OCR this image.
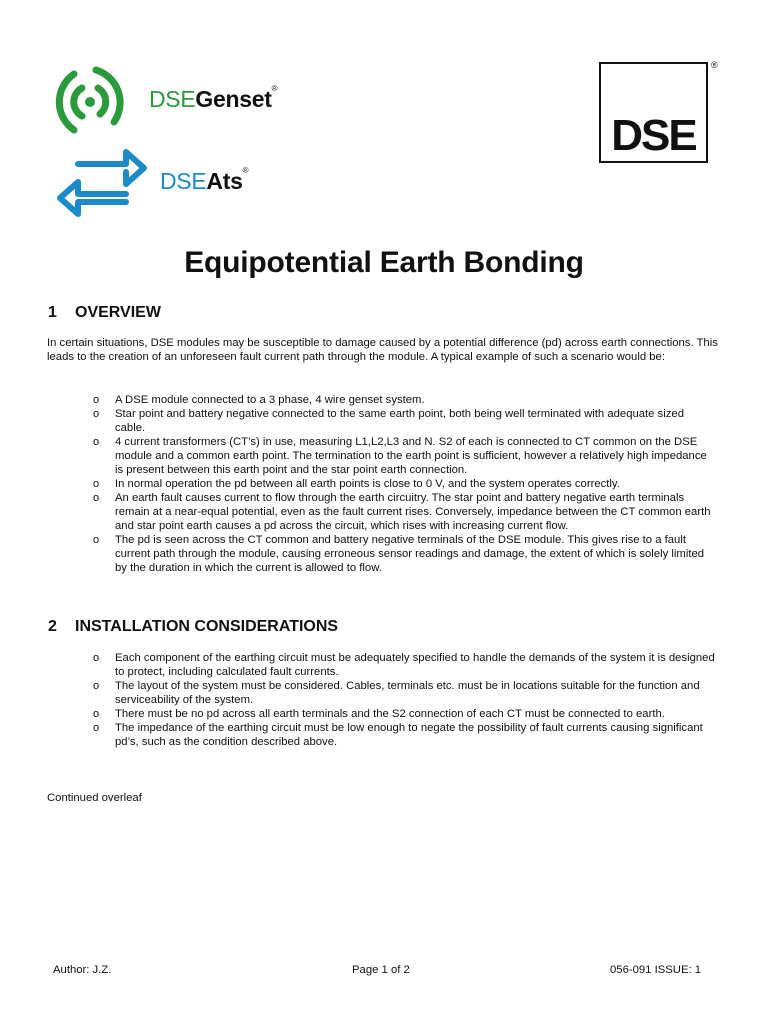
DSEGenset®
DSEAts®
DSE
®
Equipotential Earth Bonding
1 OVERVIEW

In certain situations, DSE modules may be susceptible to damage caused by a potential difference (pd) across earth connections. This leads to the creation of an unforeseen fault current path through the module. A typical example of such a scenario would be:

o A DSE module connected to a 3 phase, 4 wire genset system.
o Star point and battery negative connected to the same earth point, both being well terminated with adequate sized cable.
o 4 current transformers (CT’s) in use, measuring L1,L2,L3 and N. S2 of each is connected to CT common on the DSE module and a common earth point. The termination to the earth point is sufficient, however a relatively high impedance is present between this earth point and the star point earth connection.
o In normal operation the pd between all earth points is close to 0 V, and the system operates correctly.
o An earth fault causes current to flow through the earth circuitry. The star point and battery negative earth terminals remain at a near-equal potential, even as the fault current rises. Conversely, impedance between the CT common earth and star point earth causes a pd across the circuit, which rises with increasing current flow.
o The pd is seen across the CT common and battery negative terminals of the DSE module. This gives rise to a fault current path through the module, causing erroneous sensor readings and damage, the extent of which is solely limited by the duration in which the current is allowed to flow.
2 INSTALLATION CONSIDERATIONS
o Each component of the earthing circuit must be adequately specified to handle the demands of the system it is designed to protect, including calculated fault currents.
o The layout of the system must be considered. Cables, terminals etc. must be in locations suitable for the function and serviceability of the system.
o There must be no pd across all earth terminals and the S2 connection of each CT must be connected to earth.
o The impedance of the earthing circuit must be low enough to negate the possibility of fault currents causing significant pd’s, such as the condition described above.

Continued overleaf

Author: J.Z.	Page 1 of 2	056-091 ISSUE: 1
